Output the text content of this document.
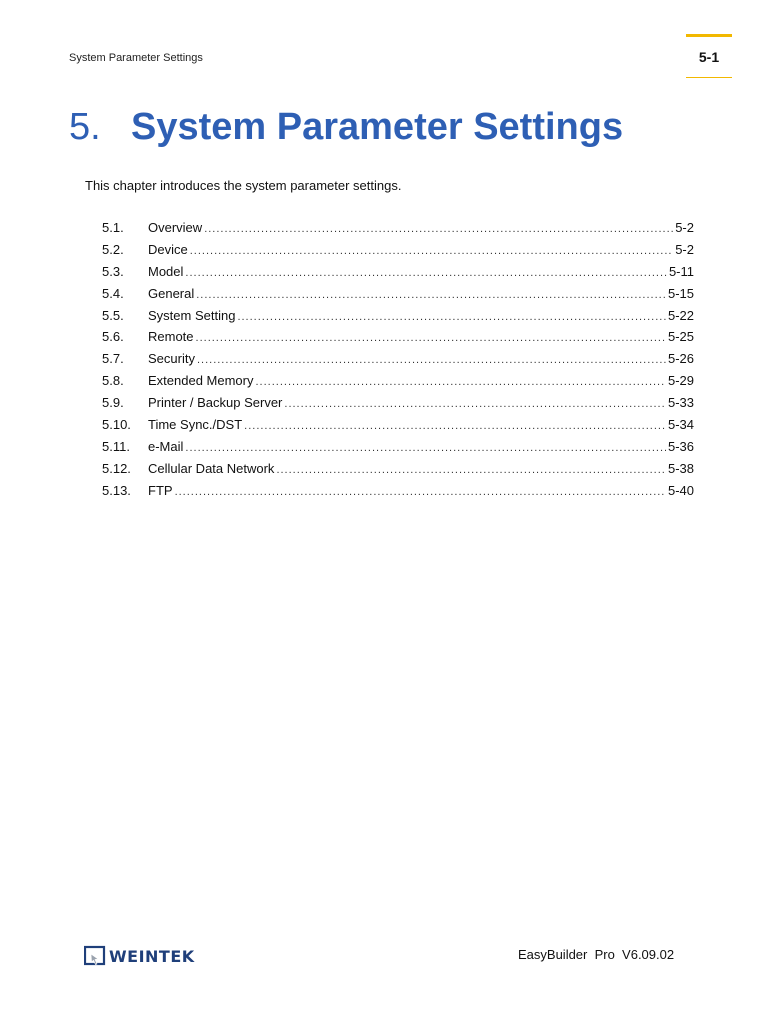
System Parameter Settings	5-1
5. System Parameter Settings
This chapter introduces the system parameter settings.
5.1.	Overview .....	5-2
5.2.	Device .....	5-2
5.3.	Model .....	5-11
5.4.	General .....	5-15
5.5.	System Setting .....	5-22
5.6.	Remote .....	5-25
5.7.	Security .....	5-26
5.8.	Extended Memory .....	5-29
5.9.	Printer / Backup Server .....	5-33
5.10.	Time Sync./DST .....	5-34
5.11.	e-Mail .....	5-36
5.12.	Cellular Data Network .....	5-38
5.13.	FTP .....	5-40
WEINTEK	EasyBuilder  Pro  V6.09.02
